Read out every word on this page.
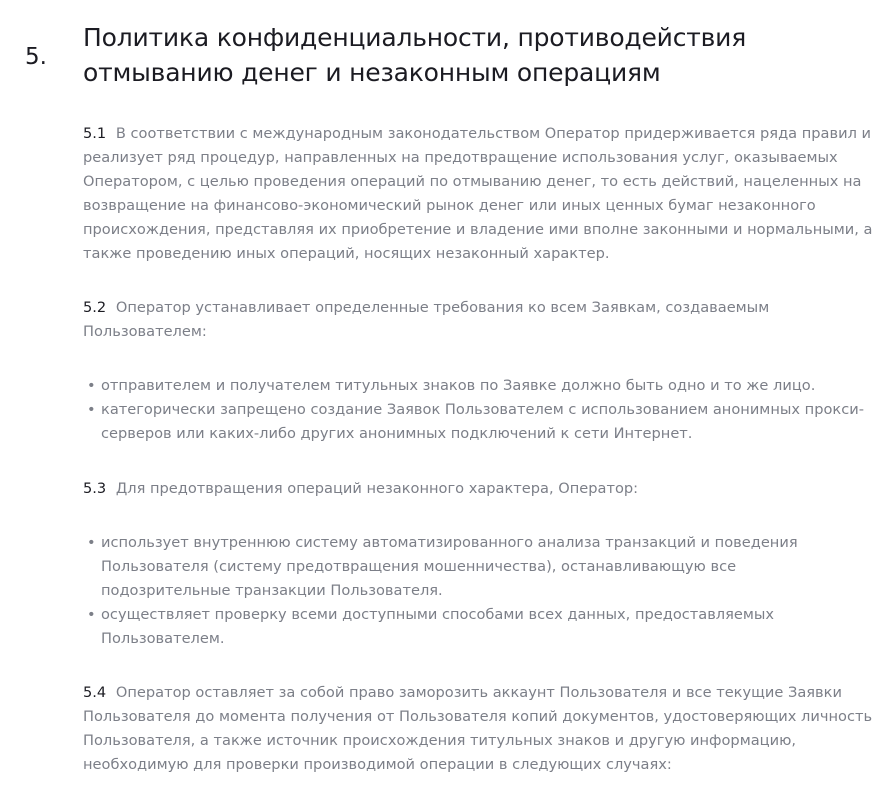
5.
Политика конфиденциальности, противодействия отмыванию денег и незаконным операциям

5.1 В соответствии с международным законодательством Оператор придерживается ряда правил и реализует ряд процедур, направленных на предотвращение использования услуг, оказываемых Оператором, с целью проведения операций по отмыванию денег, то есть действий, нацеленных на возвращение на финансово-экономический рынок денег или иных ценных бумаг незаконного происхождения, представляя их приобретение и владение ими вполне законными и нормальными, а также проведению иных операций, носящих незаконный характер.

5.2 Оператор устанавливает определенные требования ко всем Заявкам, создаваемым Пользователем:

• отправителем и получателем титульных знаков по Заявке должно быть одно и то же лицо.
• категорически запрещено создание Заявок Пользователем с использованием анонимных прокси-серверов или каких-либо других анонимных подключений к сети Интернет.

5.3 Для предотвращения операций незаконного характера, Оператор:

• использует внутреннюю систему автоматизированного анализа транзакций и поведения Пользователя (систему предотвращения мошенничества), останавливающую все подозрительные транзакции Пользователя.
• осуществляет проверку всеми доступными способами всех данных, предоставляемых Пользователем.

5.4 Оператор оставляет за собой право заморозить аккаунт Пользователя и все текущие Заявки Пользователя до момента получения от Пользователя копий документов, удостоверяющих личность Пользователя, а также источник происхождения титульных знаков и другую информацию, необходимую для проверки производимой операции в следующих случаях:
